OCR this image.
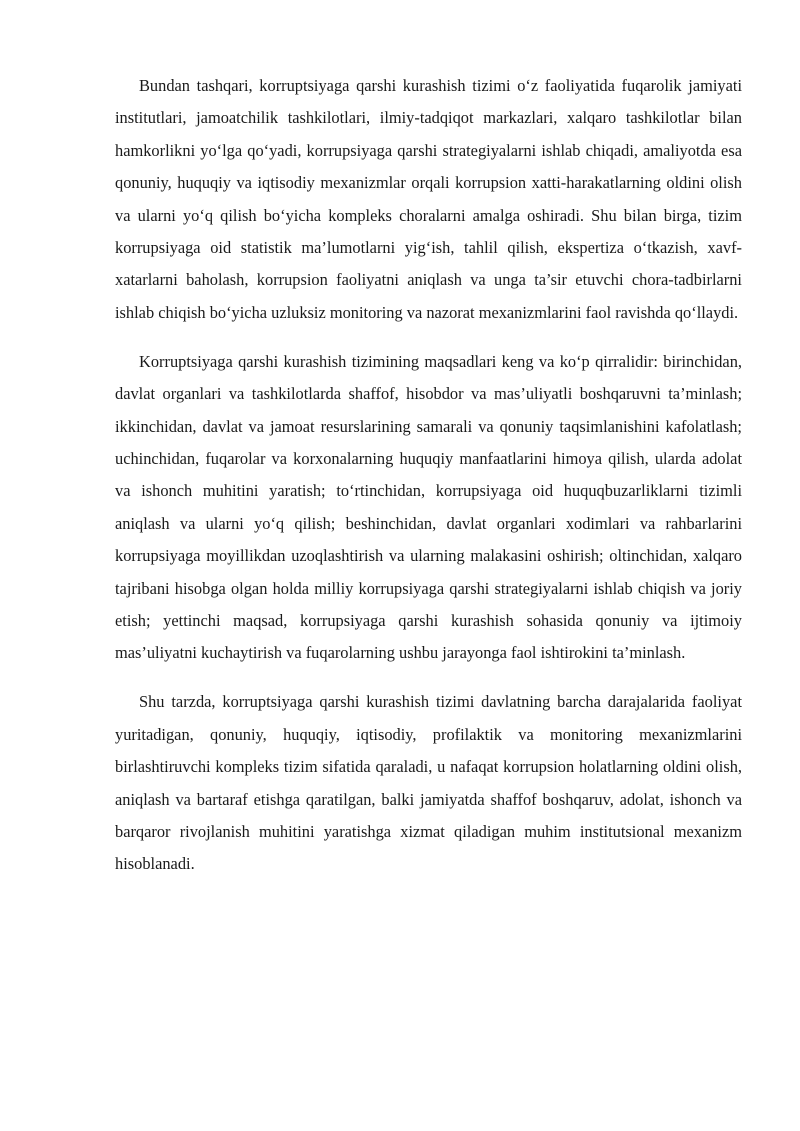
Bundan tashqari, korruptsiyaga qarshi kurashish tizimi o‘z faoliyatida fuqarolik jamiyati institutlari, jamoatchilik tashkilotlari, ilmiy-tadqiqot markazlari, xalqaro tashkilotlar bilan hamkorlikni yo‘lga qo‘yadi, korrupsiyaga qarshi strategiyalarni ishlab chiqadi, amaliyotda esa qonuniy, huquqiy va iqtisodiy mexanizmlar orqali korrupsion xatti-harakatlarning oldini olish va ularni yo‘q qilish bo‘yicha kompleks choralarni amalga oshiradi. Shu bilan birga, tizim korrupsiyaga oid statistik ma’lumotlarni yig‘ish, tahlil qilish, ekspertiza o‘tkazish, xavf-xatarlarni baholash, korrupsion faoliyatni aniqlash va unga ta’sir etuvchi chora-tadbirlarni ishlab chiqish bo‘yicha uzluksiz monitoring va nazorat mexanizmlarini faol ravishda qo‘llaydi.

Korruptsiyaga qarshi kurashish tizimining maqsadlari keng va ko‘p qirralidir: birinchidan, davlat organlari va tashkilotlarda shaffof, hisobdor va mas’uliyatli boshqaruvni ta’minlash; ikkinchidan, davlat va jamoat resurslarining samarali va qonuniy taqsimlanishini kafolatlash; uchinchidan, fuqarolar va korxonalarning huquqiy manfaatlarini himoya qilish, ularda adolat va ishonch muhitini yaratish; to‘rtinchidan, korrupsiyaga oid huquqbuzarliklarni tizimli aniqlash va ularni yo‘q qilish; beshinchidan, davlat organlari xodimlari va rahbarlarini korrupsiyaga moyillikdan uzoqlashtirish va ularning malakasini oshirish; oltinchidan, xalqaro tajribani hisobga olgan holda milliy korrupsiyaga qarshi strategiyalarni ishlab chiqish va joriy etish; yettinchi maqsad, korrupsiyaga qarshi kurashish sohasida qonuniy va ijtimoiy mas’uliyatni kuchaytirish va fuqarolarning ushbu jarayonga faol ishtirokini ta’minlash.

Shu tarzda, korruptsiyaga qarshi kurashish tizimi davlatning barcha darajalarida faoliyat yuritadigan, qonuniy, huquqiy, iqtisodiy, profilaktik va monitoring mexanizmlarini birlashtiruvchi kompleks tizim sifatida qaraladi, u nafaqat korrupsion holatlarning oldini olish, aniqlash va bartaraf etishga qaratilgan, balki jamiyatda shaffof boshqaruv, adolat, ishonch va barqaror rivojlanish muhitini yaratishga xizmat qiladigan muhim institutsional mexanizm hisoblanadi.
